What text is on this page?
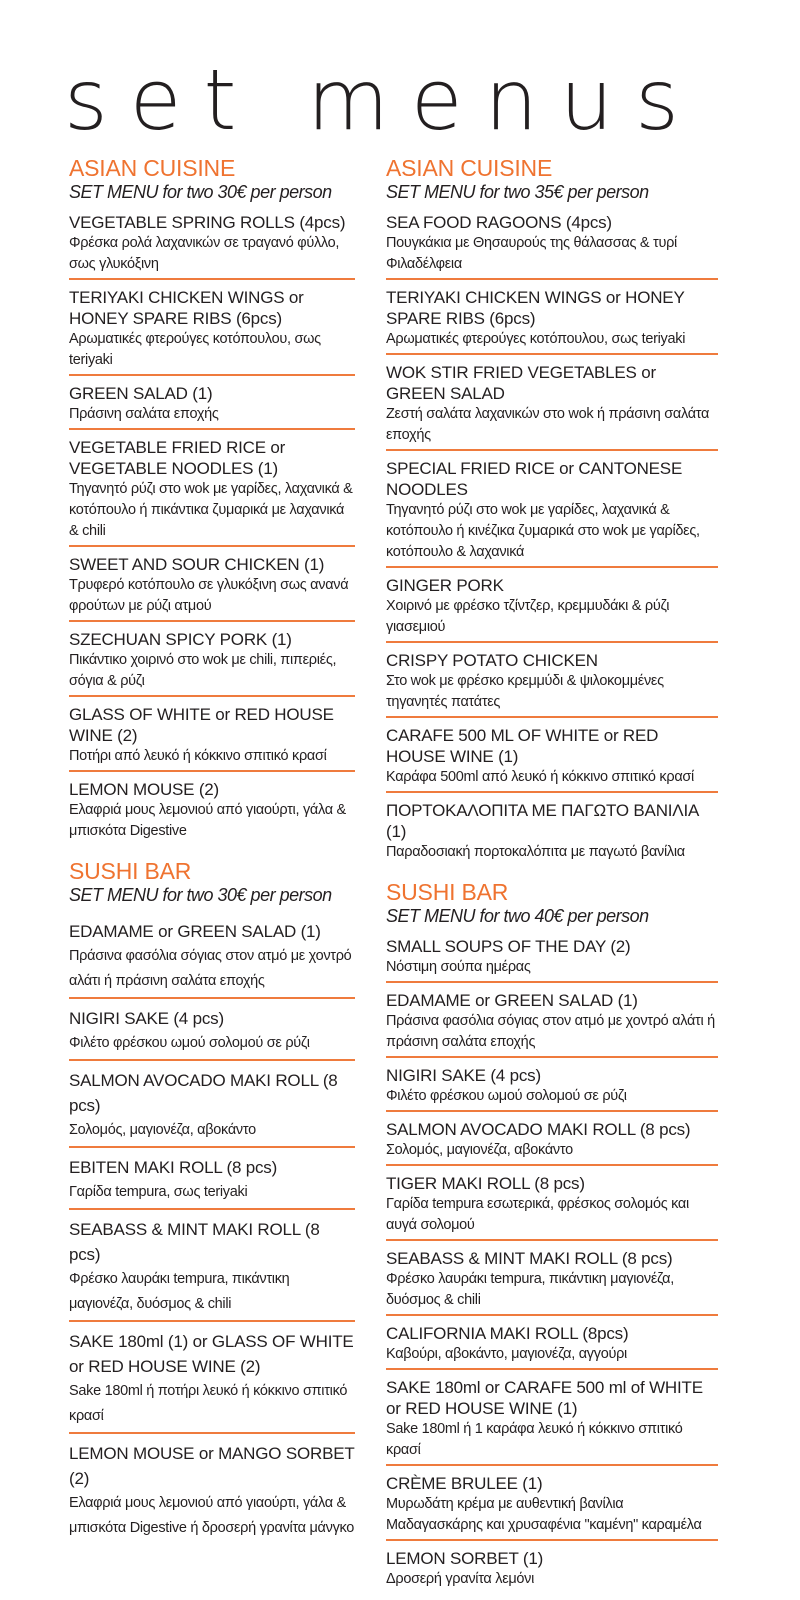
set menus
ASIAN CUISINE
SET MENU for two 30€ per person
VEGETABLE SPRING ROLLS (4pcs)
Φρέσκα ρολά λαχανικών σε τραγανό φύλλο, σως γλυκόξινη
TERIYAKI CHICKEN WINGS or HONEY SPARE RIBS (6pcs)
Αρωματικές φτερούγες κοτόπουλου, σως teriyaki
GREEN SALAD (1)
Πράσινη σαλάτα εποχής
VEGETABLE FRIED RICE or VEGETABLE NOODLES (1)
Τηγανητό ρύζι στο wok με γαρίδες, λαχανικά & κοτόπουλο ή πικάντικα ζυμαρικά με λαχανικά & chili
SWEET AND SOUR CHICKEN (1)
Τρυφερό κοτόπουλο σε γλυκόξινη σως ανανά φρούτων με ρύζι ατμού
SZECHUAN SPICY PORK (1)
Πικάντικο χοιρινό στο wok με chili, πιπεριές, σόγια & ρύζι
GLASS OF WHITE or RED HOUSE WINE (2)
Ποτήρι από λευκό ή κόκκινο σπιτικό κρασί
LEMON MOUSE (2)
Ελαφριά μους λεμονιού από γιαούρτι, γάλα & μπισκότα Digestive
SUSHI BAR
SET MENU for two 30€ per person
EDAMAME or GREEN SALAD (1)
Πράσινα φασόλια σόγιας στον ατμό με χοντρό αλάτι ή πράσινη σαλάτα εποχής
NIGIRI SAKE (4 pcs)
Φιλέτο φρέσκου ωμού σολομού σε ρύζι
SALMON AVOCADO MAKI ROLL (8 pcs)
Σολομός, μαγιονέζα, αβοκάντο
EBITEN MAKI ROLL (8 pcs)
Γαρίδα tempura, σως teriyaki
SEABASS & MINT MAKI ROLL (8 pcs)
Φρέσκο λαυράκι tempura, πικάντικη μαγιονέζα, δυόσμος & chili
SAKE 180ml (1) or GLASS OF WHITE or RED HOUSE WINE (2)
Sake 180ml ή ποτήρι λευκό ή κόκκινο σπιτικό κρασί
LEMON MOUSE or MANGO SORBET (2)
Ελαφριά μους λεμονιού από γιαούρτι, γάλα & μπισκότα Digestive ή δροσερή γρανίτα μάνγκο
ASIAN CUISINE
SET MENU for two 35€ per person
SEA FOOD RAGOONS (4pcs)
Πουγκάκια με Θησαυρούς της θάλασσας & τυρί Φιλαδέλφεια
TERIYAKI CHICKEN WINGS or HONEY SPARE RIBS (6pcs)
Αρωματικές φτερούγες κοτόπουλου, σως teriyaki
WOK STIR FRIED VEGETABLES or GREEN SALAD
Ζεστή σαλάτα λαχανικών στο wok ή πράσινη σαλάτα εποχής
SPECIAL FRIED RICE or CANTONESE NOODLES
Τηγανητό ρύζι στο wok με γαρίδες, λαχανικά & κοτόπουλο ή κινέζικα ζυμαρικά στο wok με γαρίδες, κοτόπουλο & λαχανικά
GINGER PORK
Χοιρινό με φρέσκο τζίντζερ, κρεμμυδάκι & ρύζι γιασεμιού
CRISPY POTATO CHICKEN
Στο wok με φρέσκο κρεμμύδι & ψιλοκομμένες τηγανητές πατάτες
CARAFE 500 ML OF WHITE or RED HOUSE WINE (1)
Καράφα 500ml από λευκό ή κόκκινο σπιτικό κρασί
ΠΟΡΤΟΚΑΛΟΠΙΤΑ ΜΕ ΠΑΓΩΤΟ ΒΑΝΙΛΙΑ (1)
Παραδοσιακή πορτοκαλόπιτα με παγωτό βανίλια
SUSHI BAR
SET MENU for two 40€ per person
SMALL SOUPS OF THE DAY (2)
Νόστιμη σούπα ημέρας
EDAMAME or GREEN SALAD (1)
Πράσινα φασόλια σόγιας στον ατμό με χοντρό αλάτι ή πράσινη σαλάτα εποχής
NIGIRI SAKE (4 pcs)
Φιλέτο φρέσκου ωμού σολομού σε ρύζι
SALMON AVOCADO MAKI ROLL (8 pcs)
Σολομός, μαγιονέζα, αβοκάντο
TIGER MAKI ROLL (8 pcs)
Γαρίδα tempura εσωτερικά, φρέσκος σολομός και αυγά σολομού
SEABASS & MINT MAKI ROLL (8 pcs)
Φρέσκο λαυράκι tempura, πικάντικη μαγιονέζα, δυόσμος & chili
CALIFORNIA MAKI ROLL (8pcs)
Καβούρι, αβοκάντο, μαγιονέζα, αγγούρι
SAKE 180ml or CARAFE 500 ml of WHITE or RED HOUSE WINE (1)
Sake 180ml ή 1 καράφα λευκό ή κόκκινο σπιτικό κρασί
CRÈME BRULEE (1)
Μυρωδάτη κρέμα με αυθεντική βανίλια Μαδαγασκάρης και χρυσαφένια "καμένη" καραμέλα
LEMON SORBET (1)
Δροσερή γρανίτα λεμόνι
